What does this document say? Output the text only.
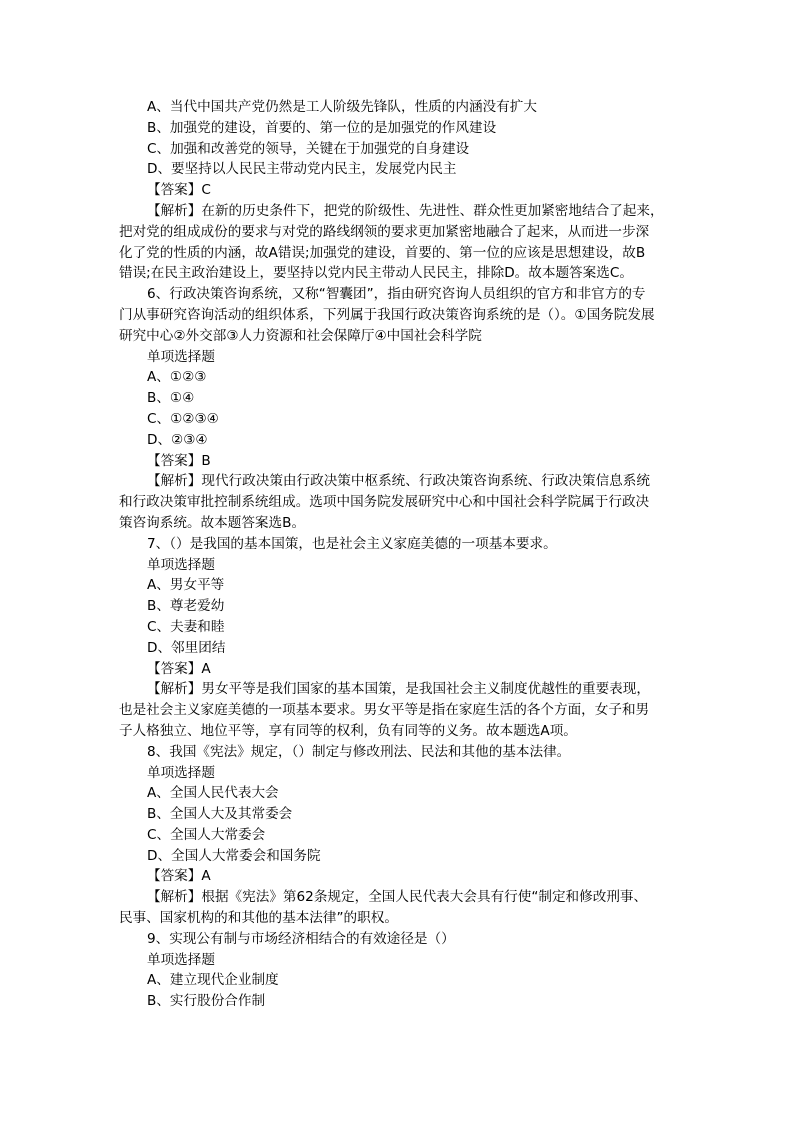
A、当代中国共产党仍然是工人阶级先锋队，性质的内涵没有扩大
B、加强党的建设，首要的、第一位的是加强党的作风建设
C、加强和改善党的领导，关键在于加强党的自身建设
D、要坚持以人民民主带动党内民主，发展党内民主
【答案】C
【解析】在新的历史条件下，把党的阶级性、先进性、群众性更加紧密地结合了起来，
把对党的组成成份的要求与对党的路线纲领的要求更加紧密地融合了起来，从而进一步深
化了党的性质的内涵，故A错误;加强党的建设，首要的、第一位的应该是思想建设，故B
错误;在民主政治建设上，要坚持以党内民主带动人民民主，排除D。故本题答案选C。
6、行政决策咨询系统，又称“智囊团”，指由研究咨询人员组织的官方和非官方的专
门从事研究咨询活动的组织体系，下列属于我国行政决策咨询系统的是（）。①国务院发展
研究中心②外交部③人力资源和社会保障厅④中国社会科学院
单项选择题
A、①②③
B、①④
C、①②③④
D、②③④
【答案】B
【解析】现代行政决策由行政决策中枢系统、行政决策咨询系统、行政决策信息系统
和行政决策审批控制系统组成。选项中国务院发展研究中心和中国社会科学院属于行政决
策咨询系统。故本题答案选B。
7、（）是我国的基本国策，也是社会主义家庭美德的一项基本要求。
单项选择题
A、男女平等
B、尊老爱幼
C、夫妻和睦
D、邻里团结
【答案】A
【解析】男女平等是我们国家的基本国策，是我国社会主义制度优越性的重要表现，
也是社会主义家庭美德的一项基本要求。男女平等是指在家庭生活的各个方面，女子和男
子人格独立、地位平等，享有同等的权利，负有同等的义务。故本题选A项。
8、我国《宪法》规定，（）制定与修改刑法、民法和其他的基本法律。
单项选择题
A、全国人民代表大会
B、全国人大及其常委会
C、全国人大常委会
D、全国人大常委会和国务院
【答案】A
【解析】根据《宪法》第62条规定，全国人民代表大会具有行使“制定和修改刑事、
民事、国家机构的和其他的基本法律”的职权。
9、实现公有制与市场经济相结合的有效途径是（）
单项选择题
A、建立现代企业制度
B、实行股份合作制
